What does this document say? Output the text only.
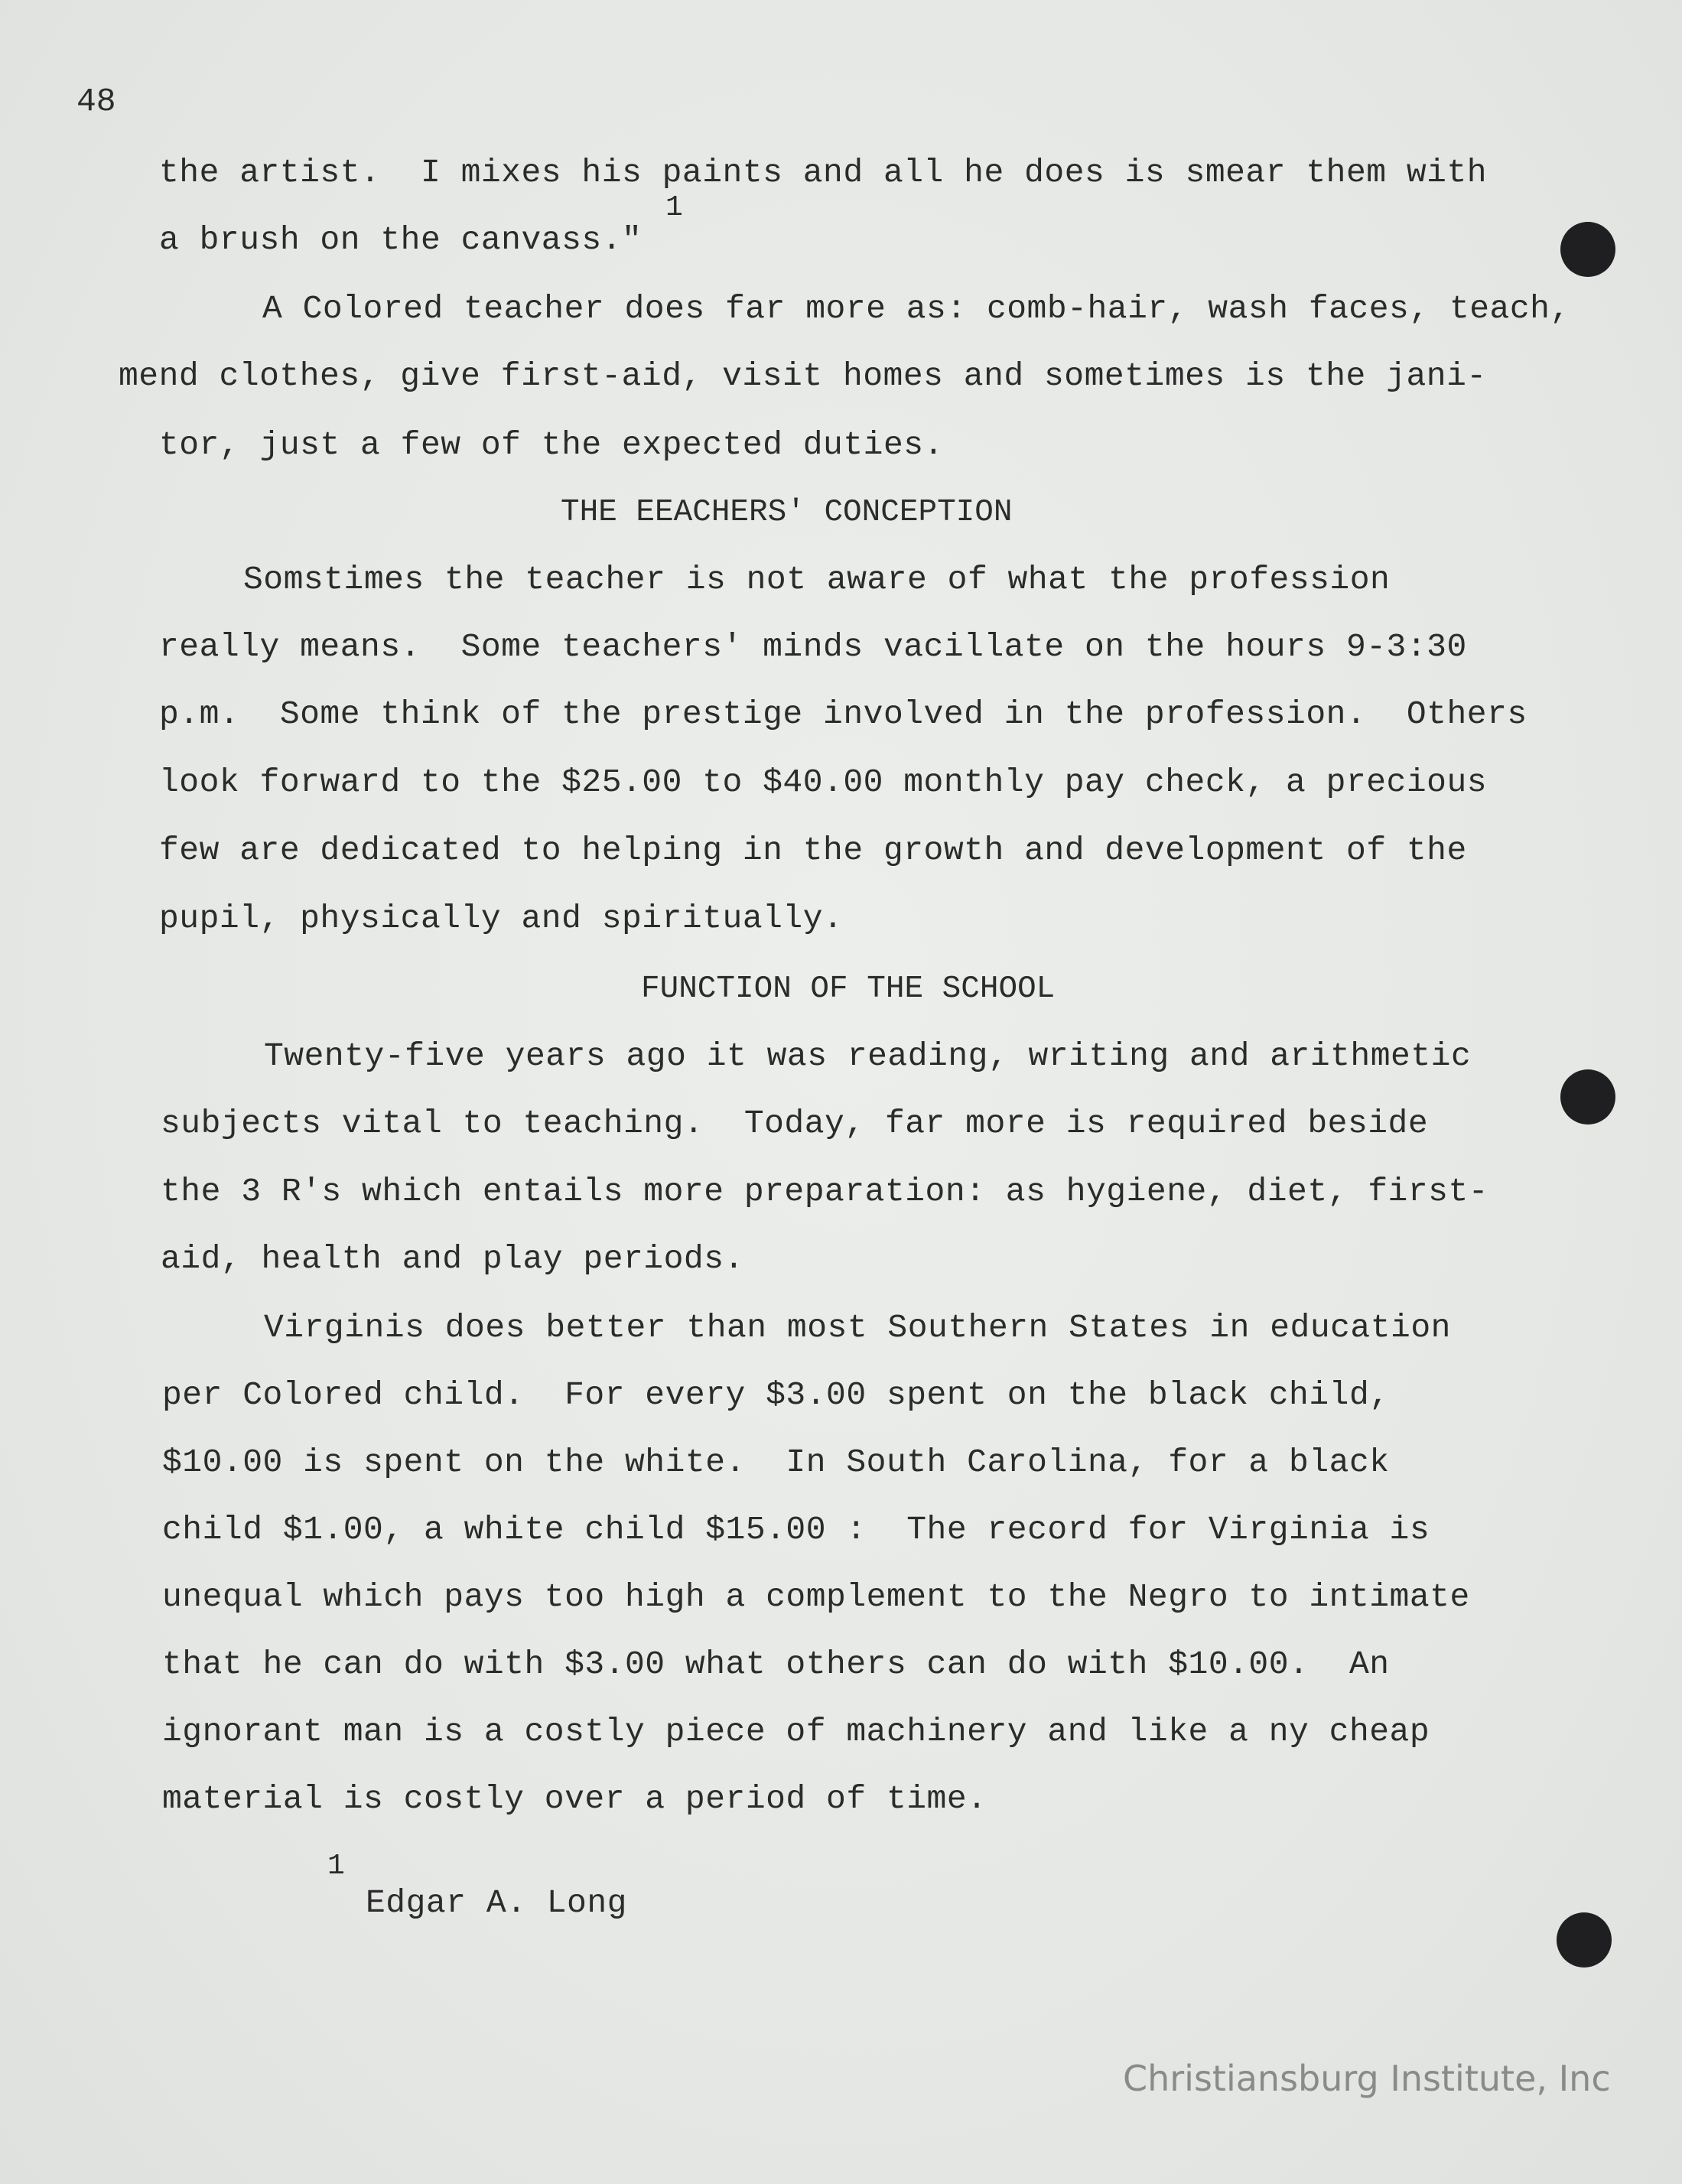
48
the artist.  I mixes his paints and all he does is smear them with
1
a brush on the canvass."
A Colored teacher does far more as: comb-hair, wash faces, teach,
mend clothes, give first-aid, visit homes and sometimes is the jani-
tor, just a few of the expected duties.
THE EEACHERS' CONCEPTION
Somstimes the teacher is not aware of what the profession
really means.  Some teachers' minds vacillate on the hours 9-3:30
p.m.  Some think of the prestige involved in the profession.  Others
look forward to the $25.00 to $40.00 monthly pay check, a precious
few are dedicated to helping in the growth and development of the
pupil, physically and spiritually.
FUNCTION OF THE SCHOOL
Twenty-five years ago it was reading, writing and arithmetic
subjects vital to teaching.  Today, far more is required beside
the 3 R's which entails more preparation: as hygiene, diet, first-
aid, health and play periods.
Virginis does better than most Southern States in education
per Colored child.  For every $3.00 spent on the black child,
$10.00 is spent on the white.  In South Carolina, for a black
child $1.00, a white child $15.00 :  The record for Virginia is
unequal which pays too high a complement to the Negro to intimate
that he can do with $3.00 what others can do with $10.00.  An
ignorant man is a costly piece of machinery and like a ny cheap
material is costly over a period of time.
1
Edgar A. Long
Christiansburg Institute, Inc
